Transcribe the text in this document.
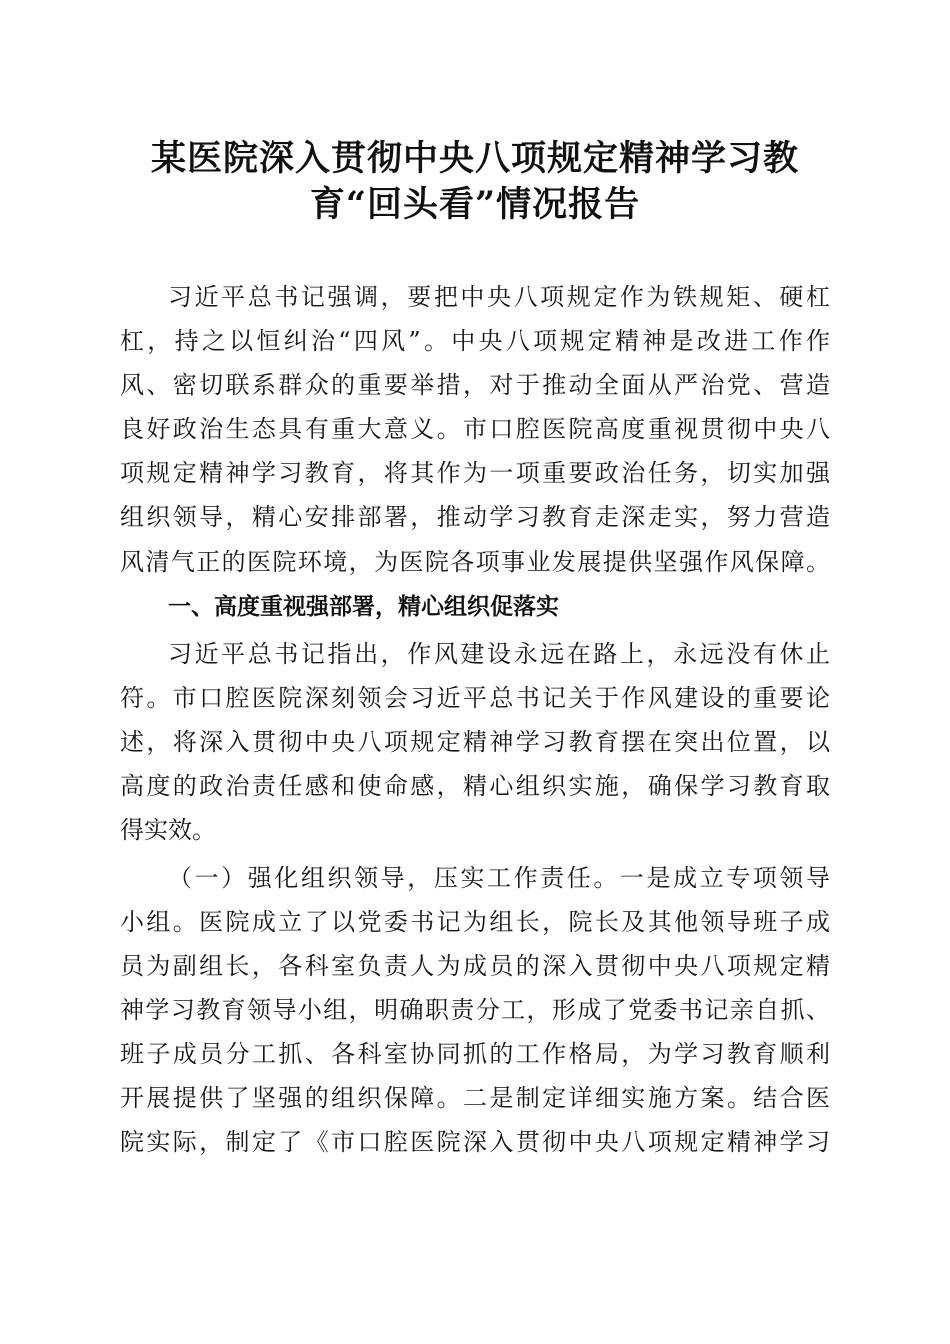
某医院深入贯彻中央八项规定精神学习教
育“回头看”情况报告

习近平总书记强调，要把中央八项规定作为铁规矩、硬杠

杠，持之以恒纠治“四风”。中央八项规定精神是改进工作作

风、密切联系群众的重要举措，对于推动全面从严治党、营造

良好政治生态具有重大意义。市口腔医院高度重视贯彻中央八

项规定精神学习教育，将其作为一项重要政治任务，切实加强

组织领导，精心安排部署，推动学习教育走深走实，努力营造

风清气正的医院环境，为医院各项事业发展提供坚强作风保障。

一、高度重视强部署，精心组织促落实

习近平总书记指出，作风建设永远在路上，永远没有休止

符。市口腔医院深刻领会习近平总书记关于作风建设的重要论

述，将深入贯彻中央八项规定精神学习教育摆在突出位置，以

高度的政治责任感和使命感，精心组织实施，确保学习教育取

得实效。

（一）强化组织领导，压实工作责任。一是成立专项领导

小组。医院成立了以党委书记为组长，院长及其他领导班子成

员为副组长，各科室负责人为成员的深入贯彻中央八项规定精

神学习教育领导小组，明确职责分工，形成了党委书记亲自抓、

班子成员分工抓、各科室协同抓的工作格局，为学习教育顺利

开展提供了坚强的组织保障。二是制定详细实施方案。结合医

院实际，制定了《市口腔医院深入贯彻中央八项规定精神学习
